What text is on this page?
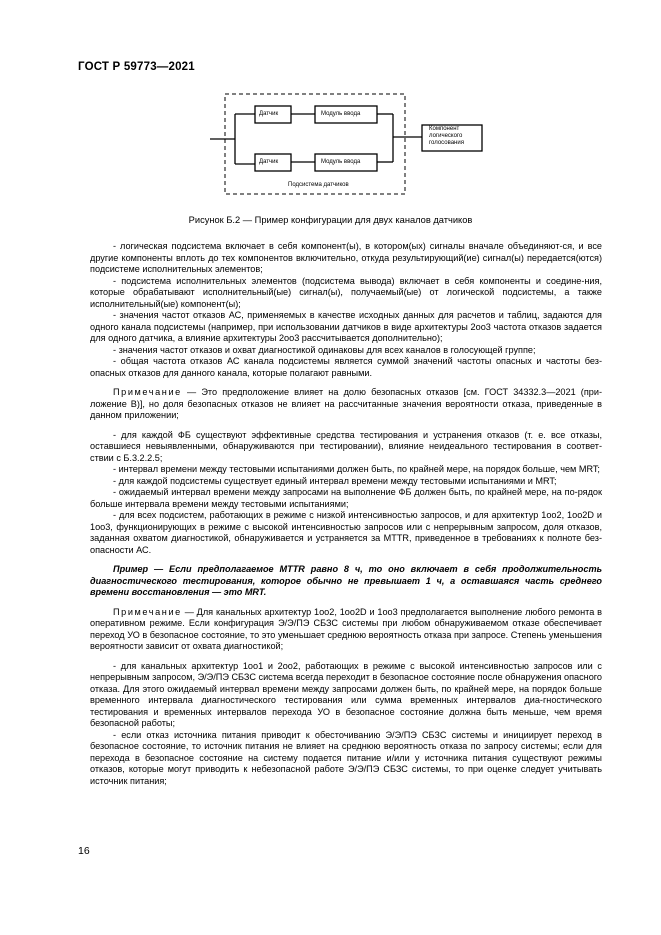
ГОСТ Р 59773—2021
Датчик	Модуль ввода
Датчик	Модуль ввода
Компонент
логического
голосования
Подсистема датчиков
Рисунок Б.2 — Пример конфигурации для двух каналов датчиков

- логическая подсистема включает в себя компонент(ы), в котором(ых) сигналы вначале объединяют-ся, и все другие компоненты вплоть до тех компонентов включительно, откуда результирующий(ие) сигнал(ы) передается(ются) подсистеме исполнительных элементов;

- подсистема исполнительных элементов (подсистема вывода) включает в себя компоненты и соедине-ния, которые обрабатывают исполнительный(ые) сигнал(ы), получаемый(ые) от логической подсистемы, а также исполнительный(ые) компонент(ы);

- значения частот отказов АС, применяемых в качестве исходных данных для расчетов и таблиц, задаются для одного канала подсистемы (например, при использовании датчиков в виде архитектуры 2oo3 частота отказов задается для одного датчика, а влияние архитектуры 2oo3 рассчитывается дополнительно);

- значения частот отказов и охват диагностикой одинаковы для всех каналов в голосующей группе;

- общая частота отказов АС канала подсистемы является суммой значений частоты опасных и частоты без-опасных отказов для данного канала, которые полагают равными.

Примечание — Это предположение влияет на долю безопасных отказов [см. ГОСТ 34332.3—2021 (при-ложение В)], но доля безопасных отказов не влияет на рассчитанные значения вероятности отказа, приведенные в данном приложении;

- для каждой ФБ существуют эффективные средства тестирования и устранения отказов (т. е. все отказы, оставшиеся невыявленными, обнаруживаются при тестировании), влияние неидеального тестирования в соответ-ствии с Б.3.2.2.5;

- интервал времени между тестовыми испытаниями должен быть, по крайней мере, на порядок больше, чем MRT;

- для каждой подсистемы существует единый интервал времени между тестовыми испытаниями и MRT;

- ожидаемый интервал времени между запросами на выполнение ФБ должен быть, по крайней мере, на по-рядок больше интервала времени между тестовыми испытаниями;

- для всех подсистем, работающих в режиме с низкой интенсивностью запросов, и для архитектур 1oo2, 1oo2D и 1oo3, функционирующих в режиме с высокой интенсивностью запросов или с непрерывным запросом, доля отказов, заданная охватом диагностикой, обнаруживается и устраняется за MTTR, приведенное в требованиях к полноте без-опасности АС.

Пример — Если предполагаемое MTTR равно 8 ч, то оно включает в себя продолжительность диагностического тестирования, которое обычно не превышает 1 ч, а оставшаяся часть среднего времени восстановления — это MRT.

Примечание — Для канальных архитектур 1oo2, 1oo2D и 1oo3 предполагается выполнение любого ремонта в оперативном режиме. Если конфигурация Э/Э/ПЭ СБЗС системы при любом обнаруживаемом отказе обеспечивает переход УО в безопасное состояние, то это уменьшает среднюю вероятность отказа при запросе. Степень уменьшения вероятности зависит от охвата диагностикой;

- для канальных архитектур 1oo1 и 2oo2, работающих в режиме с высокой интенсивностью запросов или с непрерывным запросом, Э/Э/ПЭ СБЗС система всегда переходит в безопасное состояние после обнаружения опасного отказа. Для этого ожидаемый интервал времени между запросами должен быть, по крайней мере, на порядок больше временного интервала диагностического тестирования или сумма временных интервалов диа-гностического тестирования и временных интервалов перехода УО в безопасное состояние должна быть меньше, чем время безопасной работы;

- если отказ источника питания приводит к обесточиванию Э/Э/ПЭ СБЗС системы и инициирует переход в безопасное состояние, то источник питания не влияет на среднюю вероятность отказа по запросу системы; если для перехода в безопасное состояние на систему подается питание и/или у источника питания существуют режимы отказов, которые могут приводить к небезопасной работе Э/Э/ПЭ СБЗС системы, то при оценке следует учитывать источник питания;

16
